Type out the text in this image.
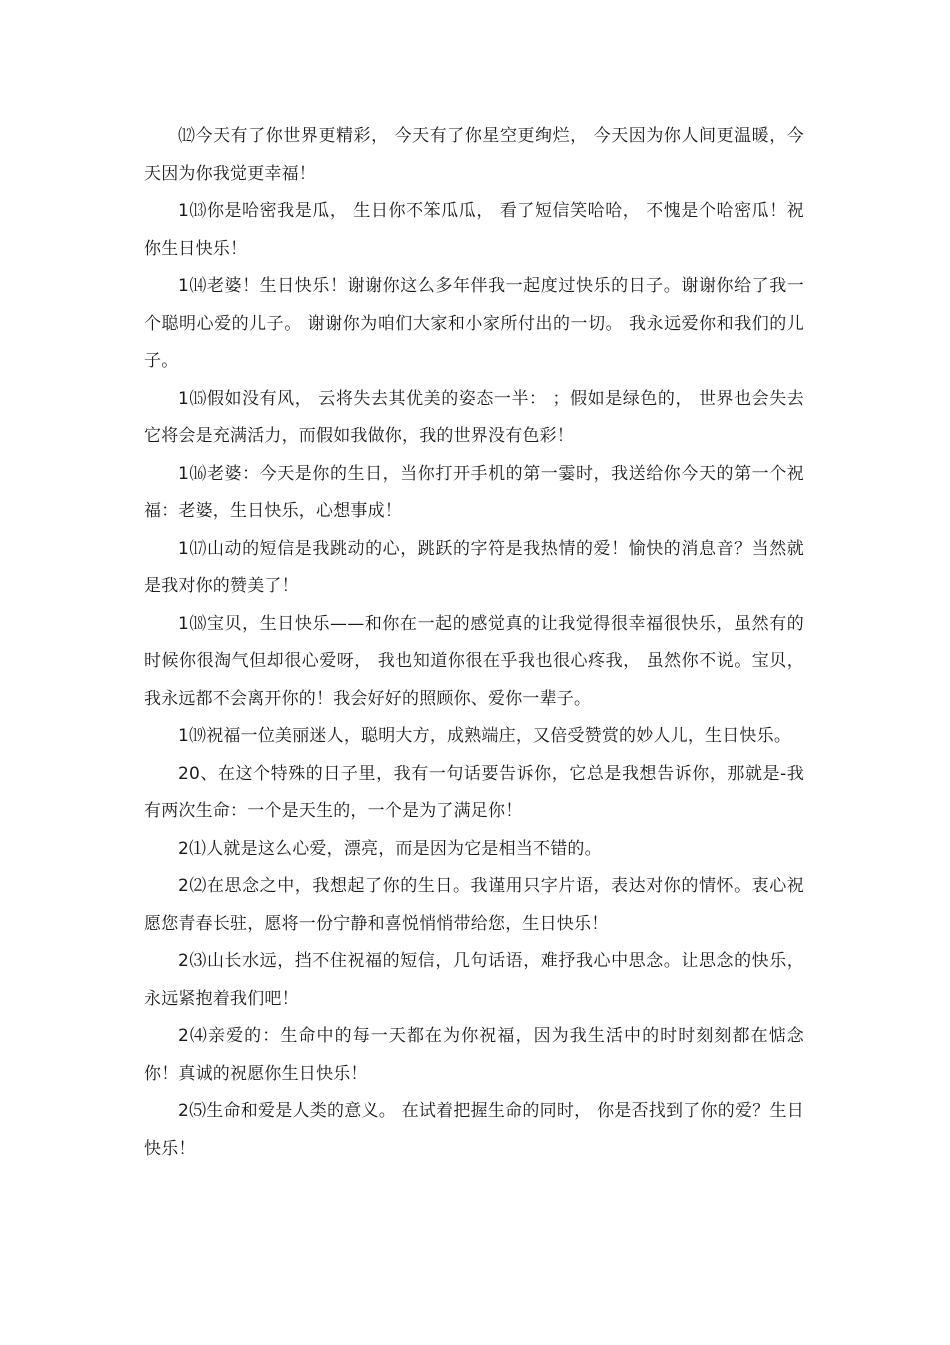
⑿今天有了你世界更精彩， 今天有了你星空更绚烂， 今天因为你人间更温暖，今天因为你我觉更幸福！

1⒀你是哈密我是瓜， 生日你不笨瓜瓜， 看了短信笑哈哈， 不愧是个哈密瓜！祝你生日快乐！

1⒁老婆！生日快乐！谢谢你这么多年伴我一起度过快乐的日子。谢谢你给了我一个聪明心爱的儿子。 谢谢你为咱们大家和小家所付出的一切。 我永远爱你和我们的儿子。

1⒂假如没有风， 云将失去其优美的姿态一半： ；假如是绿色的， 世界也会失去它将会是充满活力，而假如我做你，我的世界没有色彩！

1⒃老婆：今天是你的生日，当你打开手机的第一霎时，我送给你今天的第一个祝福：老婆，生日快乐，心想事成！

1⒄山动的短信是我跳动的心，跳跃的字符是我热情的爱！愉快的消息音？当然就是我对你的赞美了！

1⒅宝贝，生日快乐——和你在一起的感觉真的让我觉得很幸福很快乐，虽然有的时候你很淘气但却很心爱呀， 我也知道你很在乎我也很心疼我， 虽然你不说。宝贝，我永远都不会离开你的！我会好好的照顾你、爱你一辈子。

1⒆祝福一位美丽迷人，聪明大方，成熟端庄，又倍受赞赏的妙人儿，生日快乐。

20、在这个特殊的日子里，我有一句话要告诉你，它总是我想告诉你，那就是-我有两次生命：一个是天生的，一个是为了满足你！

2⑴人就是这么心爱，漂亮，而是因为它是相当不错的。

2⑵在思念之中，我想起了你的生日。我谨用只字片语，表达对你的情怀。衷心祝愿您青春长驻，愿将一份宁静和喜悦悄悄带给您，生日快乐！

2⑶山长水远，挡不住祝福的短信，几句话语，难抒我心中思念。让思念的快乐，永远紧抱着我们吧！

2⑷亲爱的：生命中的每一天都在为你祝福，因为我生活中的时时刻刻都在惦念你！真诚的祝愿你生日快乐！

2⑸生命和爱是人类的意义。 在试着把握生命的同时， 你是否找到了你的爱？生日快乐！
